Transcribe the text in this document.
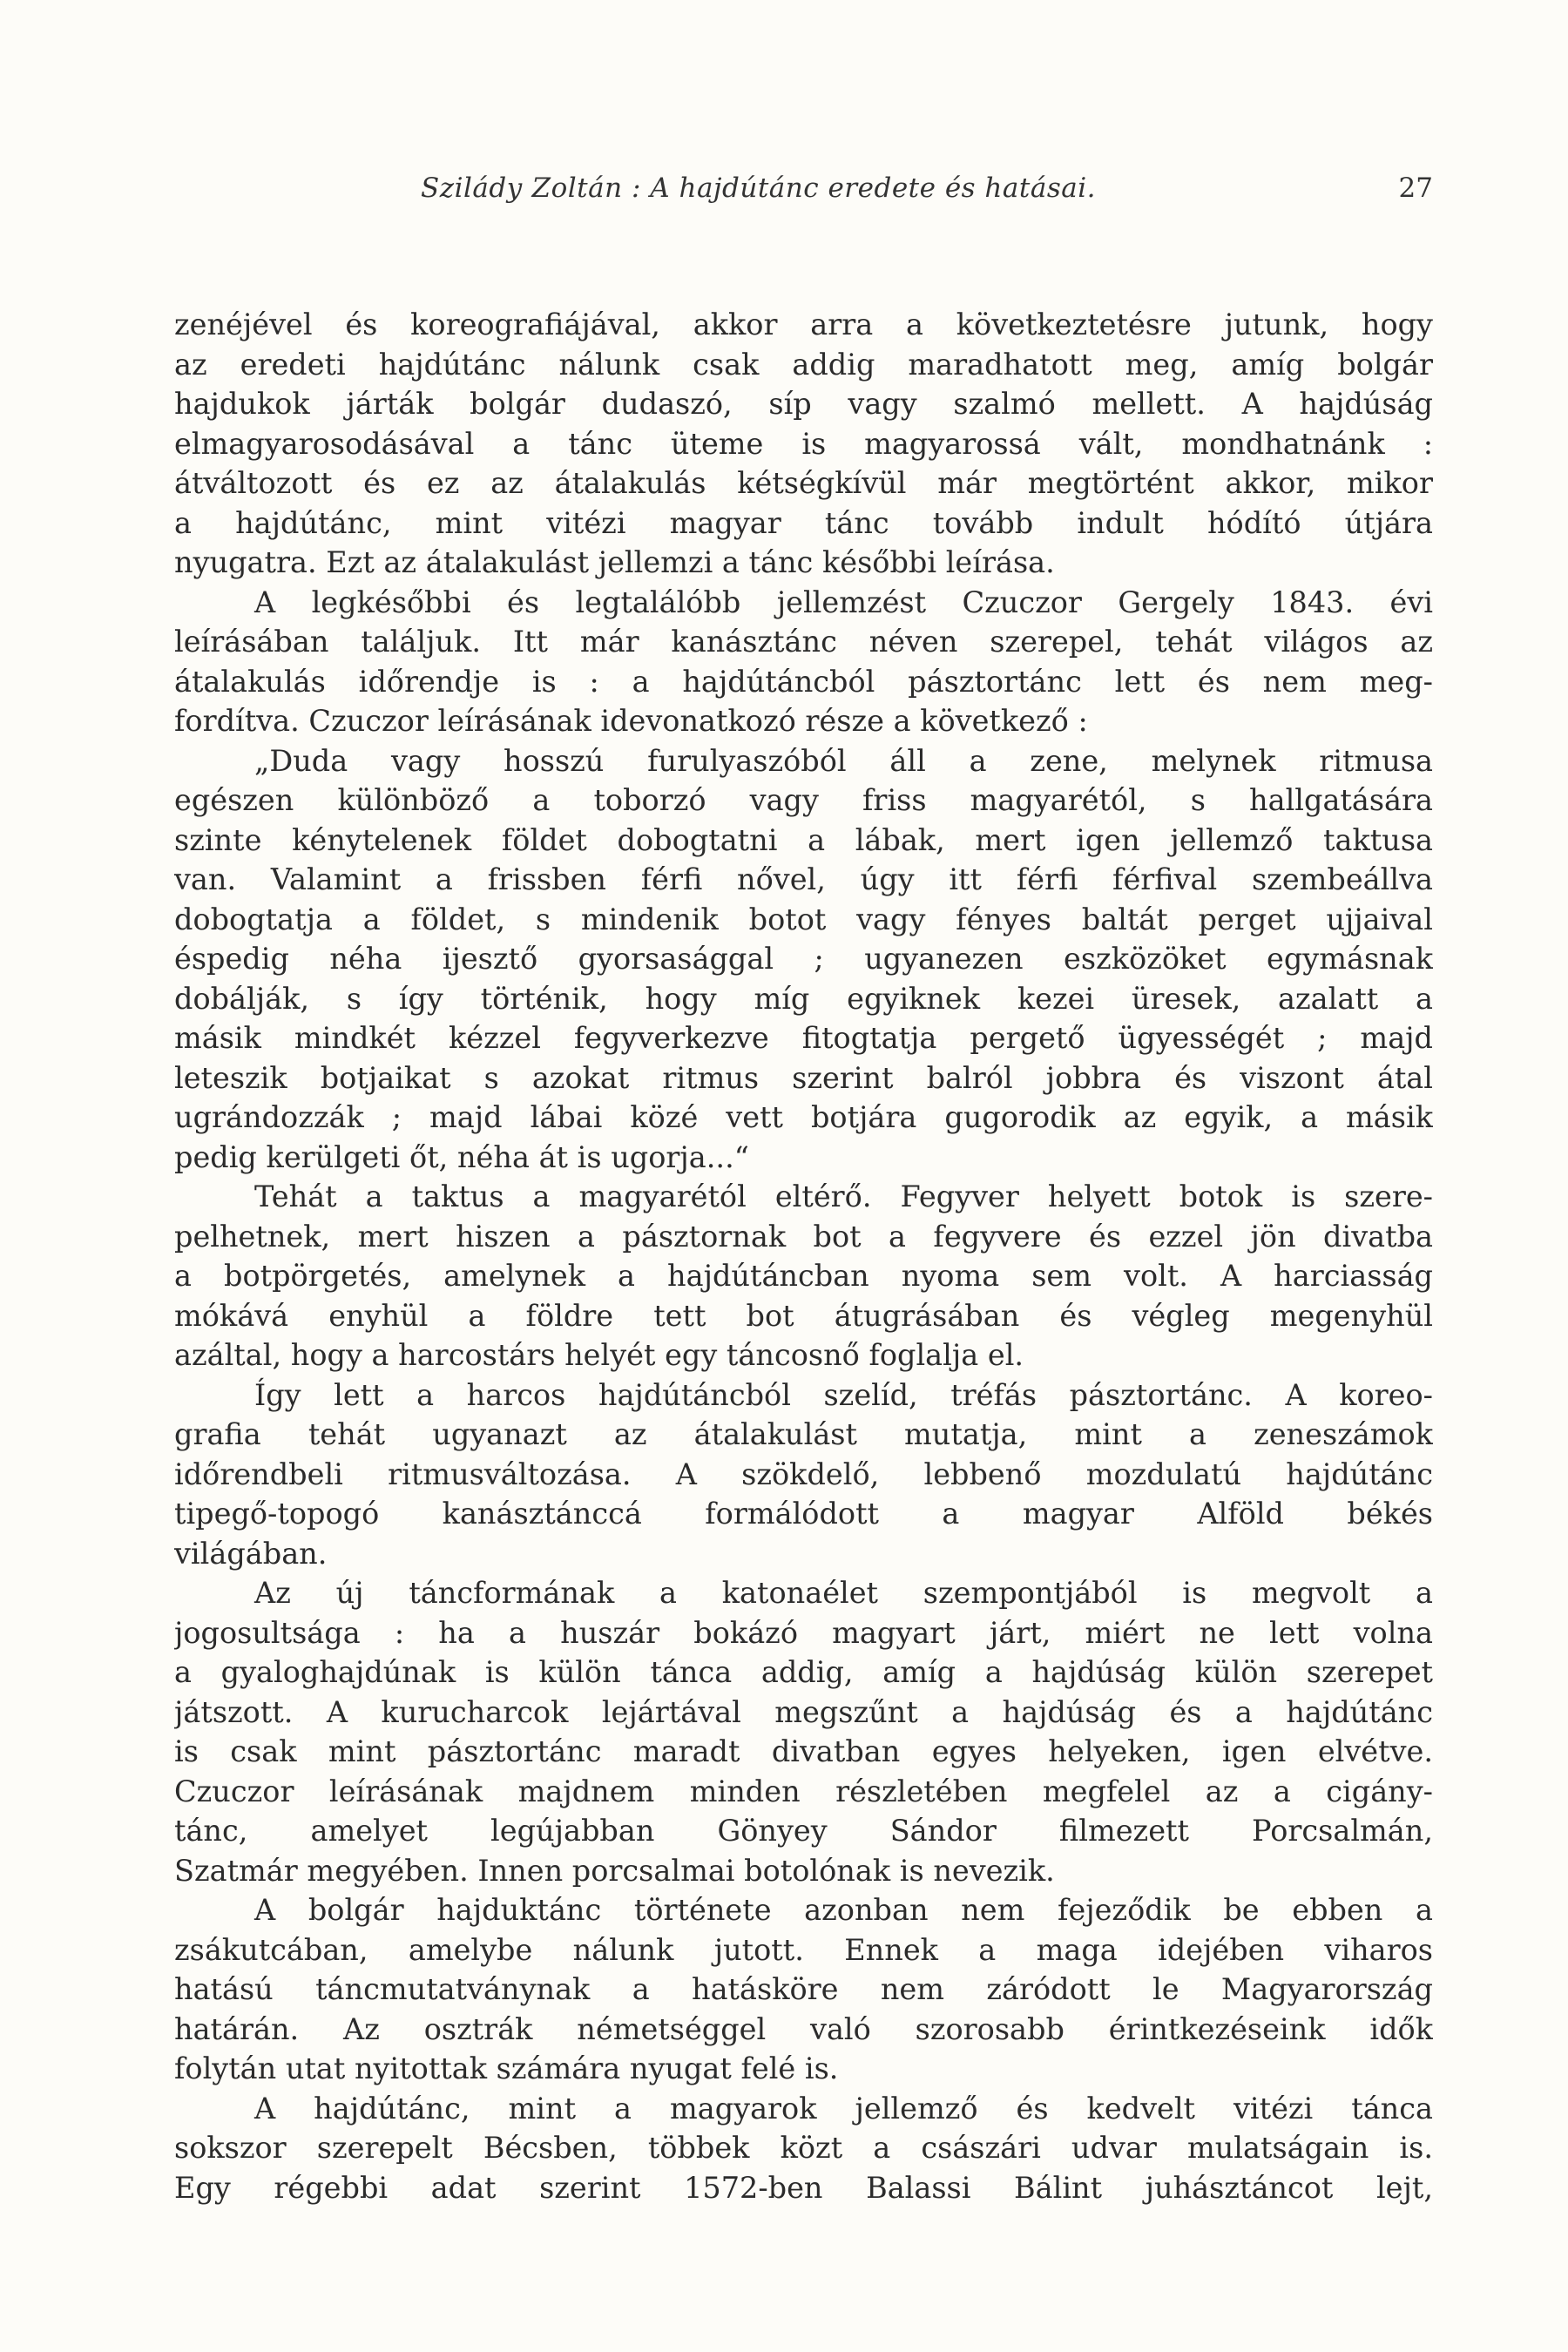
Sziládу Zoltán : A hajdútánc eredete és hatásai.	27
zenéjével és koreografiájával, akkor arra a következtetésre jutunk, hogy
az eredeti hajdútánc nálunk csak addig maradhatott meg, amíg bolgár
hajdukok járták bolgár dudaszó, síp vagy szalmó mellett. A hajdúság
elmagyarosodásával a tánc üteme is magyarossá vált, mondhatnánk :
átváltozott és ez az átalakulás kétségkívül már megtörtént akkor, mikor
a hajdútánc, mint vitézi magyar tánc tovább indult hódító útjára
nyugatra. Ezt az átalakulást jellemzi a tánc későbbi leírása.
A legkésőbbi és legtalálóbb jellemzést Czuczor Gergely 1843. évi
leírásában találjuk. Itt már kanásztánc néven szerepel, tehát világos az
átalakulás időrendje is : a hajdútáncból pásztortánc lett és nem meg-
fordítva. Czuczor leírásának idevonatkozó része a következő :
„Duda vagy hosszú furulyaszóból áll a zene, melynek ritmusa
egészen különböző a toborzó vagy friss magyarétól, s hallgatására
szinte kénytelenek földet dobogtatni a lábak, mert igen jellemző taktusa
van. Valamint a frissben férfi nővel, úgy itt férfi férfival szembeállva
dobogtatja a földet, s mindenik botot vagy fényes baltát perget ujjaival
éspedig néha ijesztő gyorsasággal ; ugyanezen eszközöket egymásnak
dobálják, s így történik, hogy míg egyiknek kezei üresek, azalatt a
másik mindkét kézzel fegyverkezve fitogtatja pergető ügyességét ; majd
leteszik botjaikat s azokat ritmus szerint balról jobbra és viszont átal
ugrándozzák ; majd lábai közé vett botjára gugorodik az egyik, a másik
pedig kerülgeti őt, néha át is ugorja...“
Tehát a taktus a magyarétól eltérő. Fegyver helyett botok is szere-
pelhetnek, mert hiszen a pásztornak bot a fegyvere és ezzel jön divatba
a botpörgetés, amelynek a hajdútáncban nyoma sem volt. A harciasság
mókává enyhül a földre tett bot átugrásában és végleg megenyhül
azáltal, hogy a harcostárs helyét egy táncosnő foglalja el.
Így lett a harcos hajdútáncból szelíd, tréfás pásztortánc. A koreo-
grafia tehát ugyanazt az átalakulást mutatja, mint a zeneszámok
időrendbeli ritmusváltozása. A szökdelő, lebbenő mozdulatú hajdútánc
tipegő-topogó kanásztánccá formálódott a magyar Alföld békés
világában.
Az új táncformának a katonaélet szempontjából is megvolt a
jogosultsága : ha a huszár bokázó magyart járt, miért ne lett volna
a gyaloghajdúnak is külön tánca addig, amíg a hajdúság külön szerepet
játszott. A kurucharcok lejártával megszűnt a hajdúság és a hajdútánc
is csak mint pásztortánc maradt divatban egyes helyeken, igen elvétve.
Czuczor leírásának majdnem minden részletében megfelel az a cigány-
tánc, amelyet legújabban Gönyey Sándor filmezett Porcsalmán,
Szatmár megyében. Innen porcsalmai botolónak is nevezik.
A bolgár hajduktánc története azonban nem fejeződik be ebben a
zsákutcában, amelybe nálunk jutott. Ennek a maga idejében viharos
hatású táncmutatványnak a hatásköre nem záródott le Magyarország
határán. Az osztrák németséggel való szorosabb érintkezéseink idők
folytán utat nyitottak számára nyugat felé is.
A hajdútánc, mint a magyarok jellemző és kedvelt vitézi tánca
sokszor szerepelt Bécsben, többek közt a császári udvar mulatságain is.
Egy régebbi adat szerint 1572-ben Balassi Bálint juhásztáncot lejt,
